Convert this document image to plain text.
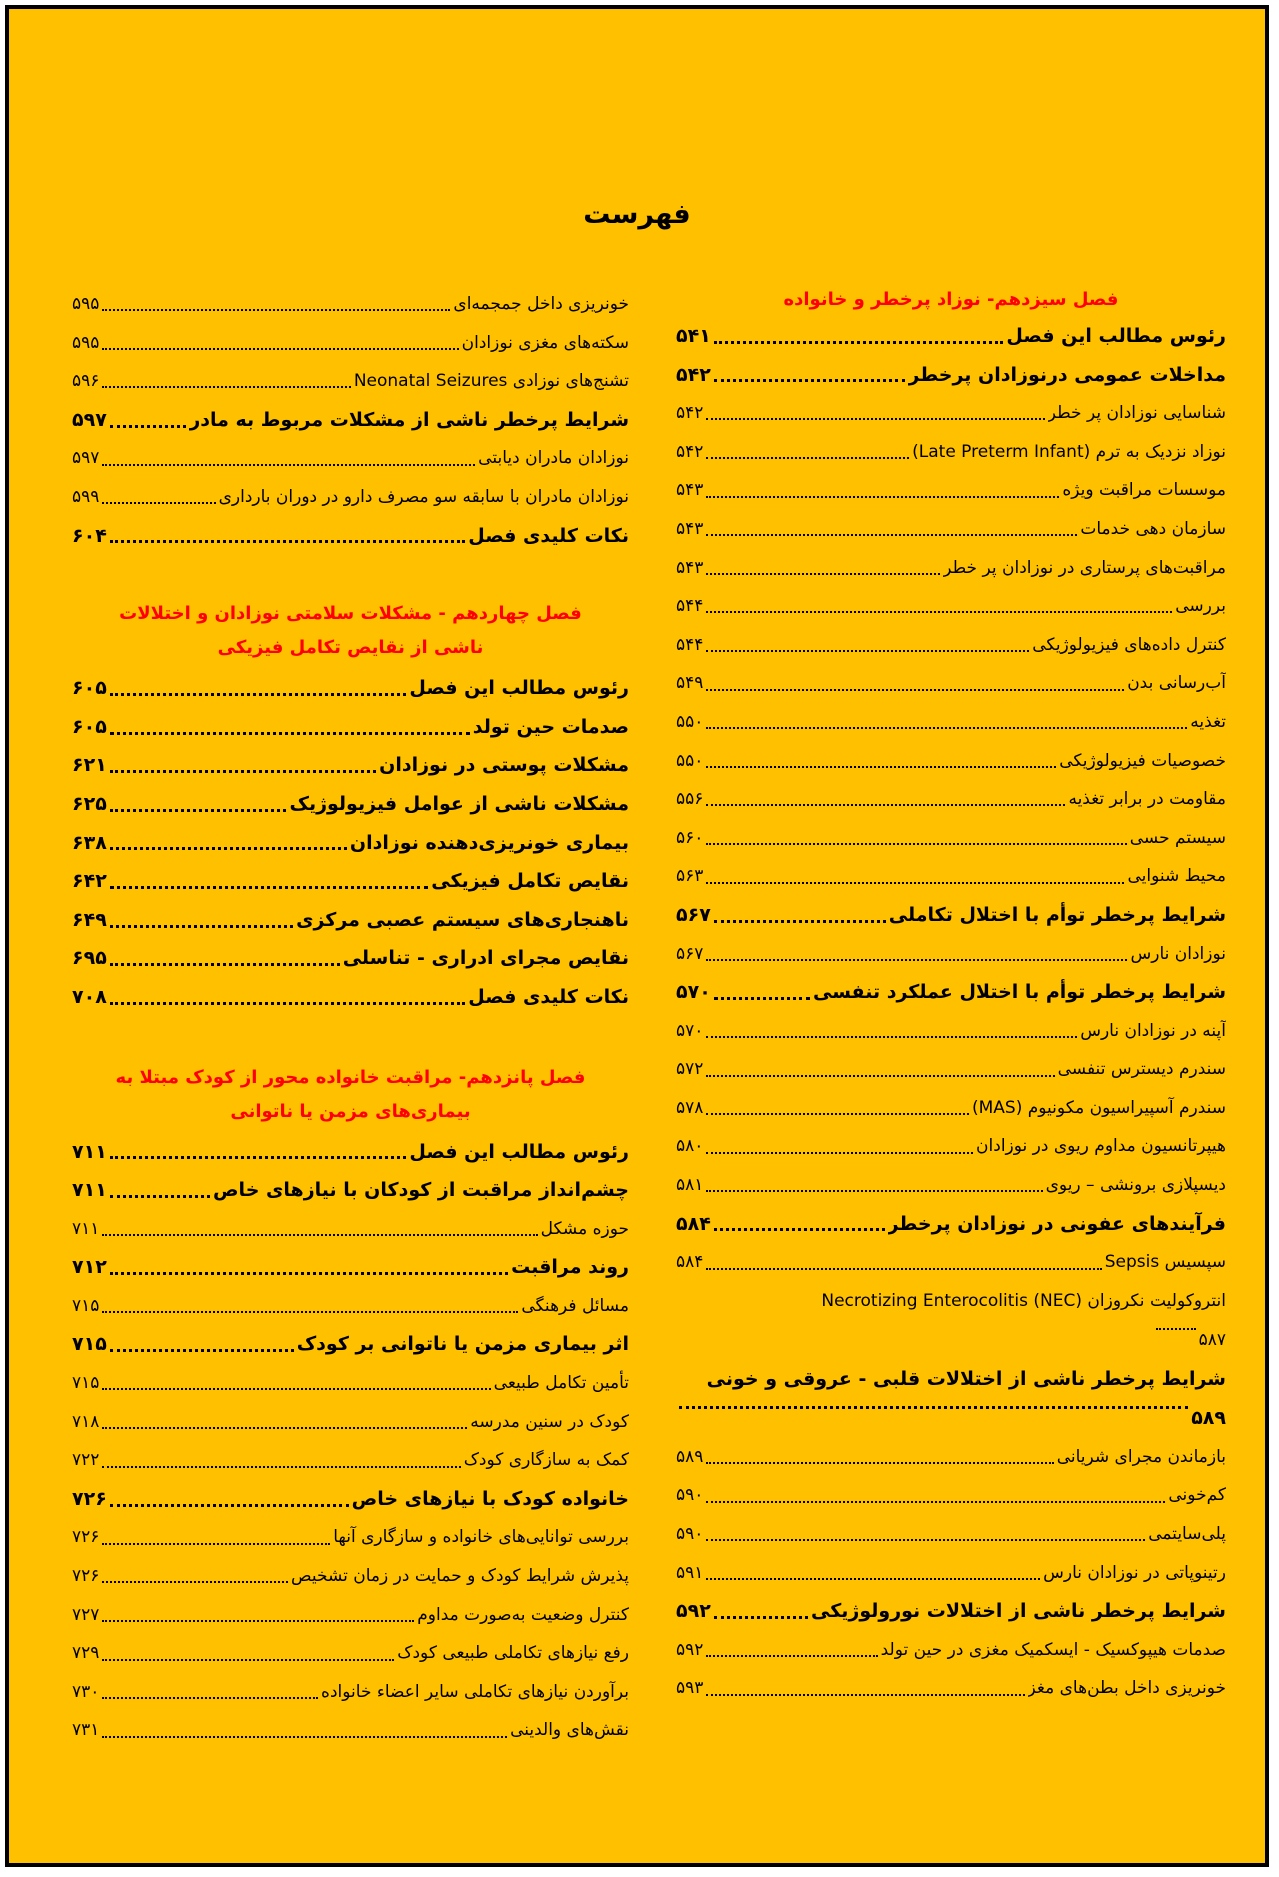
فهرست
فصل سیزدهم- نوزاد پرخطر و خانواده
رئوس مطالب این فصل
۵۴۱
مداخلات عمومی درنوزادان پرخطر
۵۴۲
شناسایی نوزادان پر خطر
۵۴۲
نوزاد نزدیک به ترم (Late Preterm Infant)
۵۴۲
موسسات مراقبت ویژه
۵۴۳
سازمان دهی خدمات
۵۴۳
مراقبت‌های پرستاری در نوزادان پر خطر
۵۴۳
بررسی
۵۴۴
کنترل داده‌های فیزیولوژیکی
۵۴۴
آب‌رسانی بدن
۵۴۹
تغذیه
۵۵۰
خصوصیات فیزیولوژیکی
۵۵۰
مقاومت در برابر تغذیه
۵۵۶
سیستم حسی
۵۶۰
محیط شنوایی
۵۶۳
شرایط پرخطر توأم با اختلال تکاملی
۵۶۷
نوزادان نارس
۵۶۷
شرایط پرخطر توأم با اختلال عملکرد تنفسی
۵۷۰
آپنه در نوزادان نارس
۵۷۰
سندرم دیسترس تنفسی
۵۷۲
سندرم آسپیراسیون مکونیوم (MAS)
۵۷۸
هیپرتانسیون مداوم ریوی در نوزادان
۵۸۰
دیسپلازی برونشی – ریوی
۵۸۱
فرآیندهای عفونی در نوزادان پرخطر
۵۸۴
سپسیس Sepsis
۵۸۴
انتروکولیت نکروزان (NEC) Necrotizing Enterocolitis
۵۸۷
شرایط پرخطر ناشی از اختلالات قلبی - عروقی و خونی
۵۸۹
بازماندن مجرای شریانی
۵۸۹
کم‌خونی
۵۹۰
پلی‌سایتمی
۵۹۰
رتینوپاتی در نوزادان نارس
۵۹۱
شرایط پرخطر ناشی از اختلالات نورولوژیکی
۵۹۲
صدمات هیپوکسیک - ایسکمیک مغزی در حین تولد
۵۹۲
خونریزی داخل بطن‌های مغز
۵۹۳
خونریزی داخل جمجمه‌ای
۵۹۵
سکته‌های مغزی نوزادان
۵۹۵
تشنج‌های نوزادی Neonatal Seizures
۵۹۶
شرایط پرخطر ناشی از مشکلات مربوط به مادر
۵۹۷
نوزادان مادران دیابتی
۵۹۷
نوزادان مادران با سابقه سو مصرف دارو در دوران بارداری
۵۹۹
نکات کلیدی فصل
۶۰۴
فصل چهاردهم - مشکلات سلامتی نوزادان و اختلالات
ناشی از نقایص تکامل فیزیکی
رئوس مطالب این فصل
۶۰۵
صدمات حین تولد
۶۰۵
مشکلات پوستی در نوزادان
۶۲۱
مشکلات ناشی از عوامل فیزیولوژیک
۶۲۵
بیماری خونریزی‌دهنده نوزادان
۶۳۸
نقایص تکامل فیزیکی
۶۴۲
ناهنجاری‌های سیستم عصبی مرکزی
۶۴۹
نقایص مجرای ادراری - تناسلی
۶۹۵
نکات کلیدی فصل
۷۰۸
فصل پانزدهم- مراقبت خانواده محور از کودک مبتلا به
بیماری‌های مزمن یا ناتوانی
رئوس مطالب این فصل
۷۱۱
چشم‌انداز مراقبت از کودکان با نیازهای خاص
۷۱۱
حوزه مشکل
۷۱۱
روند مراقبت
۷۱۲
مسائل فرهنگی
۷۱۵
اثر بیماری مزمن یا ناتوانی بر کودک
۷۱۵
تأمین تکامل طبیعی
۷۱۵
کودک در سنین مدرسه
۷۱۸
کمک به سازگاری کودک
۷۲۲
خانواده کودک با نیازهای خاص
۷۲۶
بررسی توانایی‌های خانواده و سازگاری آنها
۷۲۶
پذیرش شرایط کودک و حمایت در زمان تشخیص
۷۲۶
کنترل وضعیت به‌صورت مداوم
۷۲۷
رفع نیازهای تکاملی طبیعی کودک
۷۲۹
برآوردن نیازهای تکاملی سایر اعضاء خانواده
۷۳۰
نقش‌های والدینی
۷۳۱
